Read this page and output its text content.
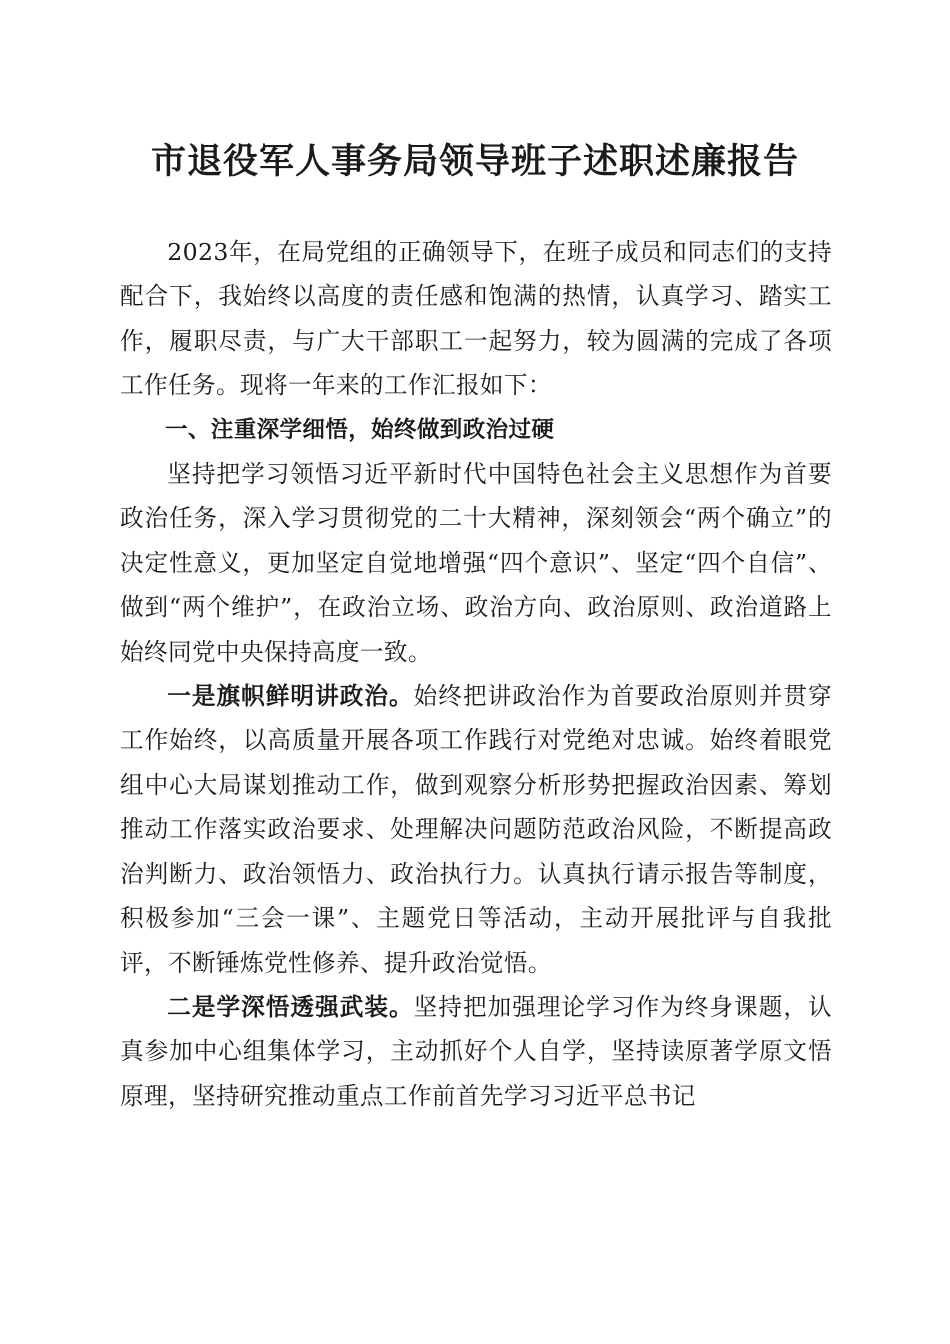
市退役军人事务局领导班子述职述廉报告

2023年，在局党组的正确领导下，在班子成员和同志们的支持配合下，我始终以高度的责任感和饱满的热情，认真学习、踏实工作，履职尽责，与广大干部职工一起努力，较为圆满的完成了各项工作任务。现将一年来的工作汇报如下：

一、注重深学细悟，始终做到政治过硬

坚持把学习领悟习近平新时代中国特色社会主义思想作为首要政治任务，深入学习贯彻党的二十大精神，深刻领会“两个确立”的决定性意义，更加坚定自觉地增强“四个意识”、坚定“四个自信”、做到“两个维护”，在政治立场、政治方向、政治原则、政治道路上始终同党中央保持高度一致。

一是旗帜鲜明讲政治。始终把讲政治作为首要政治原则并贯穿工作始终，以高质量开展各项工作践行对党绝对忠诚。始终着眼党组中心大局谋划推动工作，做到观察分析形势把握政治因素、筹划推动工作落实政治要求、处理解决问题防范政治风险，不断提高政治判断力、政治领悟力、政治执行力。认真执行请示报告等制度，积极参加“三会一课”、主题党日等活动，主动开展批评与自我批评，不断锤炼党性修养、提升政治觉悟。

二是学深悟透强武装。坚持把加强理论学习作为终身课题，认真参加中心组集体学习，主动抓好个人自学，坚持读原著学原文悟原理，坚持研究推动重点工作前首先学习习近平总书记
